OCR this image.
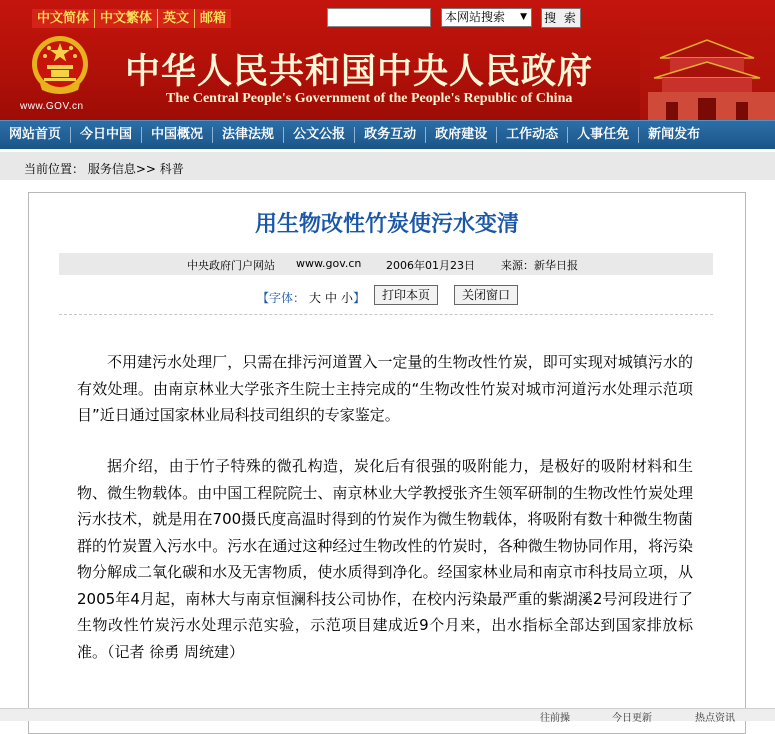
中文简体 中文繁体 英文 邮箱	本网站搜索 ▼ 搜 索
www.GOV.cn
中华人民共和国中央人民政府
The Central People's Government of the People's Republic of China
网站首页	今日中国	中国概况	法律法规	公文公报	政务互动	政府建设	工作动态	人事任免	新闻发布
当前位置： 服务信息>> 科普
用生物改性竹炭使污水变清
中央政府门户网站 www.gov.cn 2006年01月23日 来源：新华日报
【字体： 大 中 小】	打印本页	关闭窗口
不用建污水处理厂，只需在排污河道置入一定量的生物改性竹炭，即可实现对城镇污水的有效处理。由南京林业大学张齐生院士主持完成的“生物改性竹炭对城市河道污水处理示范项目”近日通过国家林业局科技司组织的专家鉴定。
据介绍，由于竹子特殊的微孔构造，炭化后有很强的吸附能力，是极好的吸附材料和生物、微生物载体。由中国工程院院士、南京林业大学教授张齐生领军研制的生物改性竹炭处理污水技术，就是用在700摄氏度高温时得到的竹炭作为微生物载体，将吸附有数十种微生物菌群的竹炭置入污水中。污水在通过这种经过生物改性的竹炭时，各种微生物协同作用，将污染物分解成二氧化碳和水及无害物质，使水质得到净化。经国家林业局和南京市科技局立项，从2005年4月起，南林大与南京恒澜科技公司协作，在校内污染最严重的紫湖溪2号河段进行了生物改性竹炭污水处理示范实验，示范项目建成近9个月来，出水指标全部达到国家排放标准。（记者 徐勇 周统建）
往前操	今日更新	热点资讯
